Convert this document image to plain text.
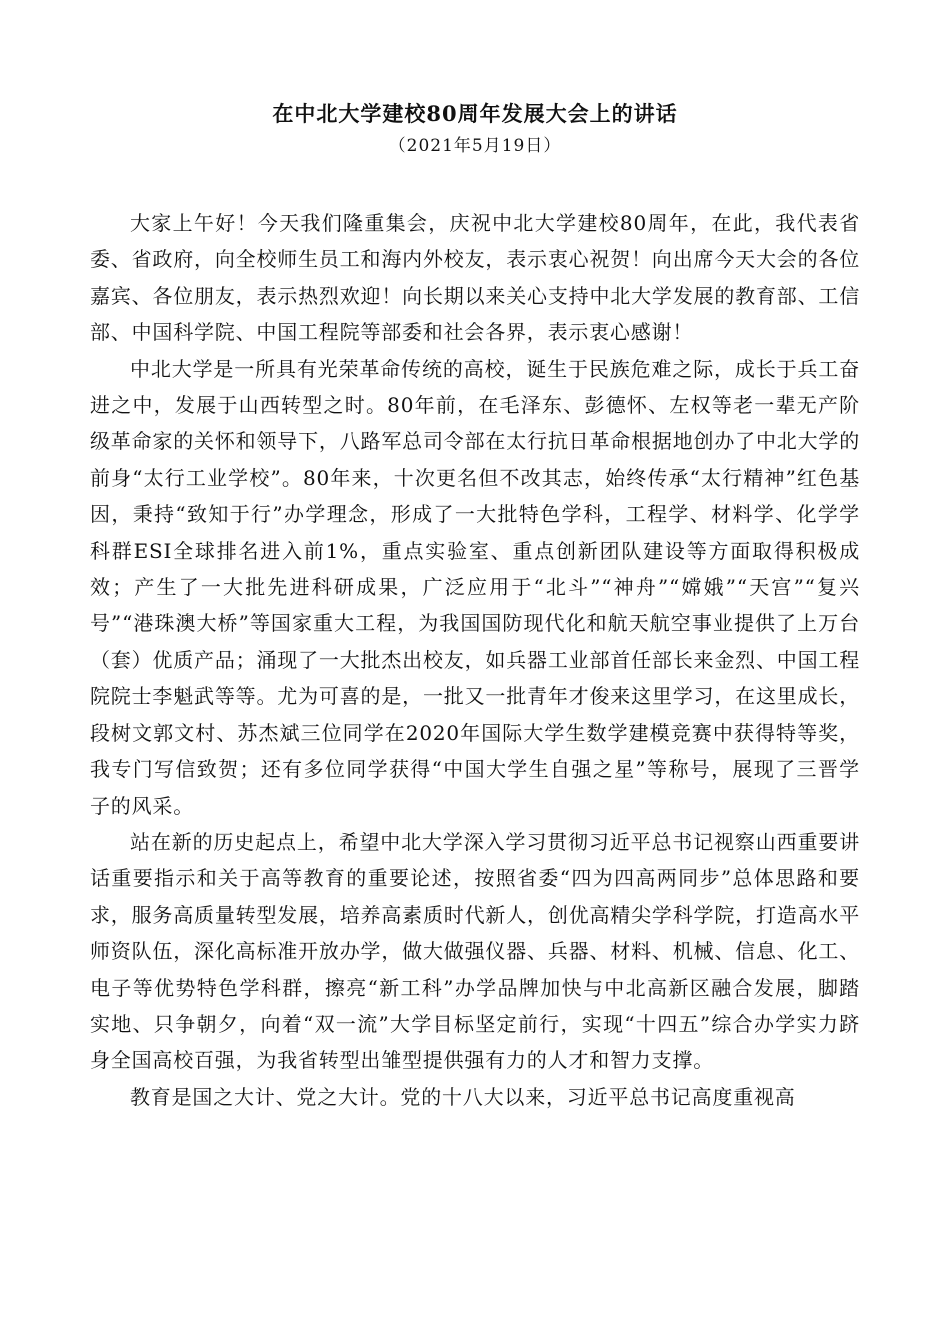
在中北大学建校80周年发展大会上的讲话
（2021年5月19日）

大家上午好！今天我们隆重集会，庆祝中北大学建校80周年，在此，我代表省委、省政府，向全校师生员工和海内外校友，表示衷心祝贺！向出席今天大会的各位嘉宾、各位朋友，表示热烈欢迎！向长期以来关心支持中北大学发展的教育部、工信部、中国科学院、中国工程院等部委和社会各界，表示衷心感谢！

中北大学是一所具有光荣革命传统的高校，诞生于民族危难之际，成长于兵工奋进之中，发展于山西转型之时。80年前，在毛泽东、彭德怀、左权等老一辈无产阶级革命家的关怀和领导下，八路军总司令部在太行抗日革命根据地创办了中北大学的前身“太行工业学校”。80年来，十次更名但不改其志，始终传承“太行精神”红色基因，秉持“致知于行”办学理念，形成了一大批特色学科，工程学、材料学、化学学科群ESI全球排名进入前1%，重点实验室、重点创新团队建设等方面取得积极成效；产生了一大批先进科研成果，广泛应用于“北斗”“神舟”“嫦娥”“天宫”“复兴号”“港珠澳大桥”等国家重大工程，为我国国防现代化和航天航空事业提供了上万台（套）优质产品；涌现了一大批杰出校友，如兵器工业部首任部长来金烈、中国工程院院士李魁武等等。尤为可喜的是，一批又一批青年才俊来这里学习，在这里成长，段树文郭文村、苏杰斌三位同学在2020年国际大学生数学建模竞赛中获得特等奖，我专门写信致贺；还有多位同学获得“中国大学生自强之星”等称号，展现了三晋学子的风采。

站在新的历史起点上，希望中北大学深入学习贯彻习近平总书记视察山西重要讲话重要指示和关于高等教育的重要论述，按照省委“四为四高两同步”总体思路和要求，服务高质量转型发展，培养高素质时代新人，创优高精尖学科学院，打造高水平师资队伍，深化高标准开放办学，做大做强仪器、兵器、材料、机械、信息、化工、电子等优势特色学科群，擦亮“新工科”办学品牌加快与中北高新区融合发展，脚踏实地、只争朝夕，向着“双一流”大学目标坚定前行，实现“十四五”综合办学实力跻身全国高校百强，为我省转型出雏型提供强有力的人才和智力支撑。

教育是国之大计、党之大计。党的十八大以来，习近平总书记高度重视高
